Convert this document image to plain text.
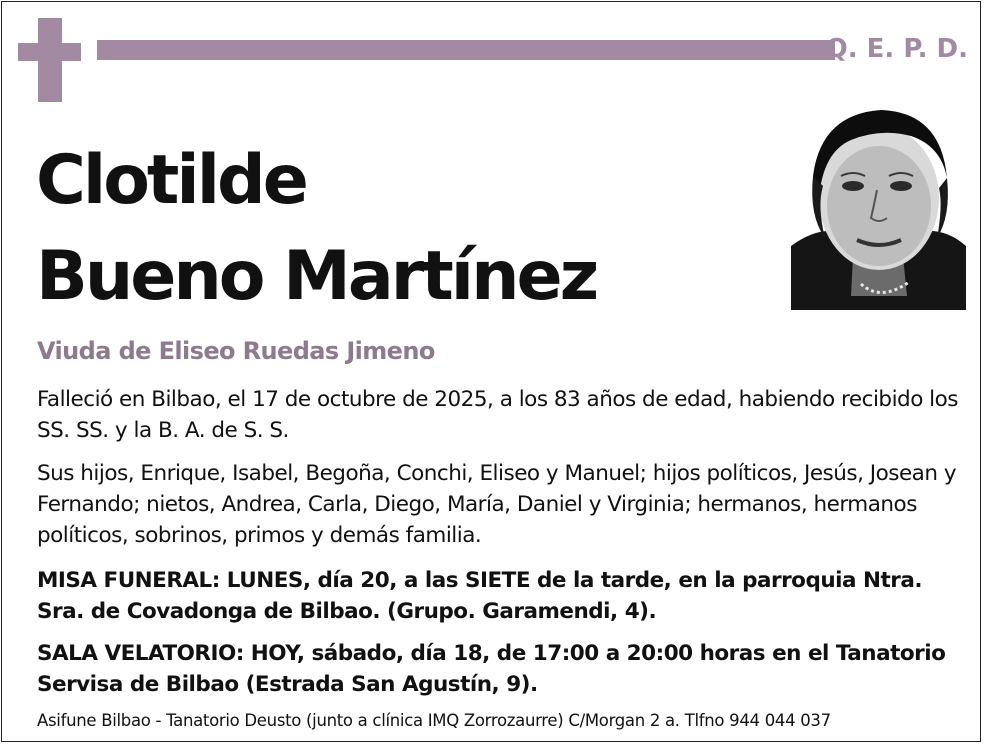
Q. E. P. D.
Clotilde
Bueno Martínez
Viuda de Eliseo Ruedas Jimeno
Falleció en Bilbao, el 17 de octubre de 2025, a los 83 años de edad, habiendo recibido los SS. SS. y la B. A. de S. S.
Sus hijos, Enrique, Isabel, Begoña, Conchi, Eliseo y Manuel; hijos políticos, Jesús, Josean y Fernando; nietos, Andrea, Carla, Diego, María, Daniel y Virginia; hermanos, hermanos políticos, sobrinos, primos y demás familia.
MISA FUNERAL: LUNES, día 20, a las SIETE de la tarde, en la parroquia Ntra. Sra. de Covadonga de Bilbao. (Grupo. Garamendi, 4).
SALA VELATORIO: HOY, sábado, día 18, de 17:00 a 20:00 horas en el Tanatorio Servisa de Bilbao (Estrada San Agustín, 9).
Asifune Bilbao - Tanatorio Deusto (junto a clínica IMQ Zorrozaurre) C/Morgan 2 a. Tlfno 944 044 037
